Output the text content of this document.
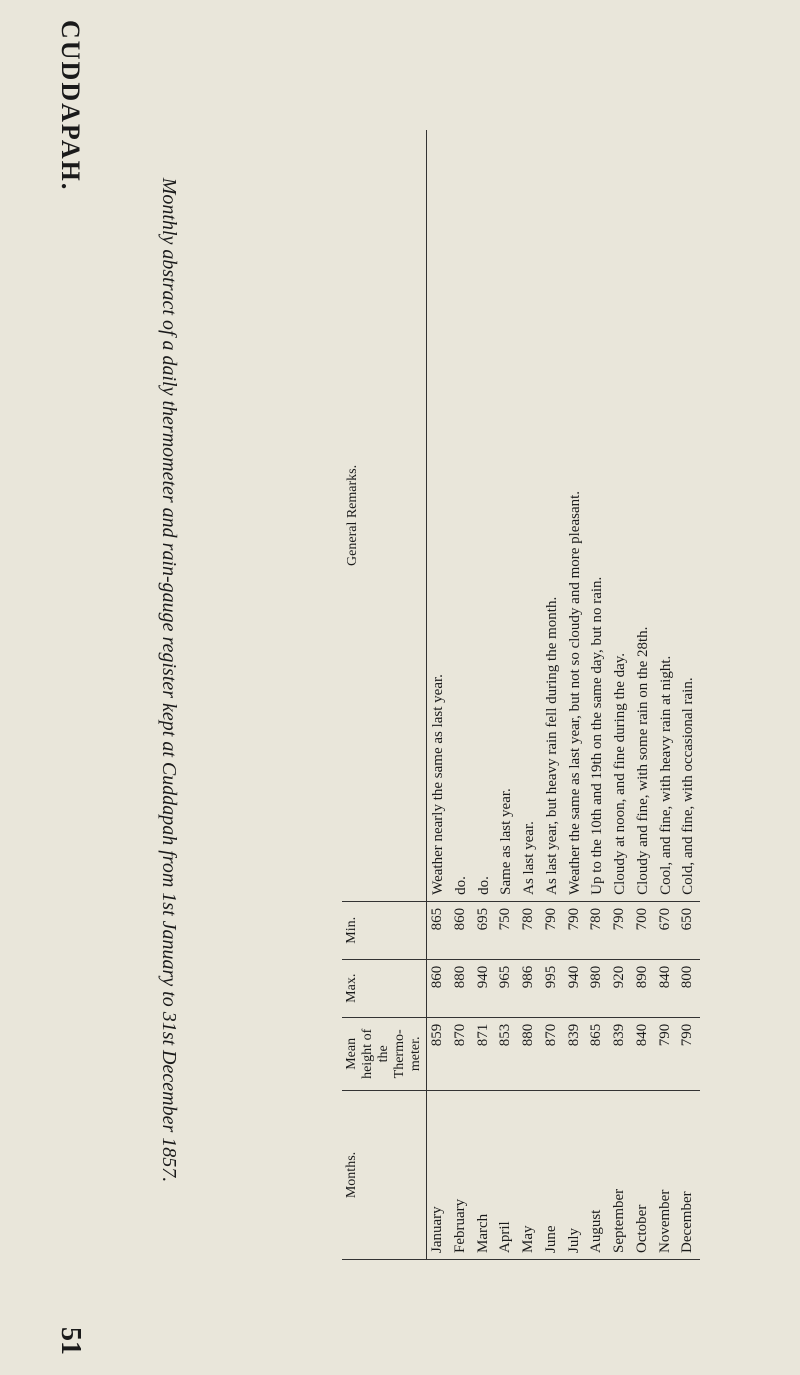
CUDDAPAH.
51
Monthly abstract of a daily thermometer and rain-gauge register kept at Cuddapah from 1st January to 31st December 1857.	Months.	Mean height of the Thermo-meter.	Max.	Min.	General Remarks.
January	859	860	865	Weather nearly the same as last year.
February	870	880	860	do.
March	871	940	695	do.
April	853	965	750	Same as last year.
May	880	986	780	As last year.
June	870	995	790	As last year, but heavy rain fell during the month.
July	839	940	790	Weather the same as last year, but not so cloudy and more pleasant.
August	865	980	780	Up to the 10th and 19th on the same day, but no rain.
September	839	920	790	Cloudy at noon, and fine during the day.
October	840	890	700	Cloudy and fine, with some rain on the 28th.
November	790	840	670	Cool, and fine, with heavy rain at night.
December	790	800	650	Cold, and fine, with occasional rain.
